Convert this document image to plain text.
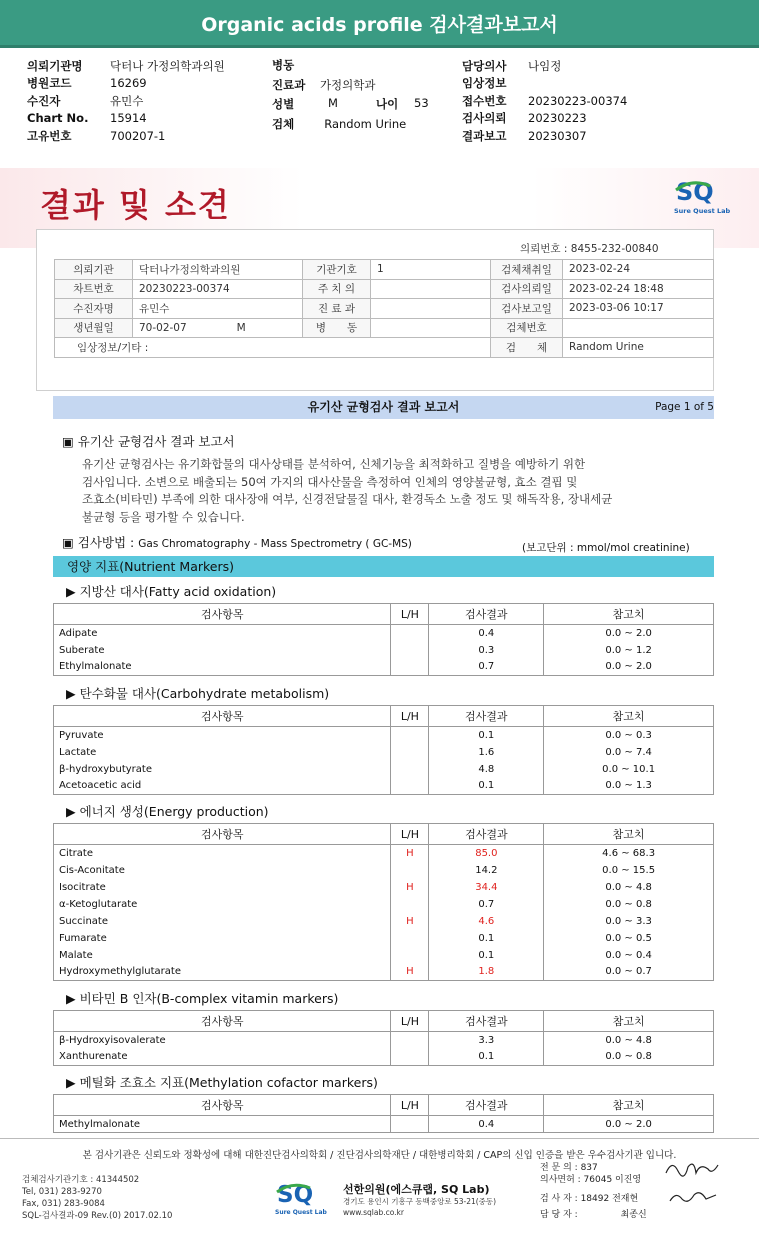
Organic acids profile 검사결과보고서
의뢰기관명	닥터나 가정의학과의원
병원코드	16269
수진자	유민수
Chart No.	15914
고유번호	700207-1
병동
진료과 가정의학과
성별	M	나이 53
검체	Random Urine
담당의사	나임정
임상정보	
접수번호	20230223-00374
검사의뢰	20230223
결과보고	20230307
결과 및 소견	SQ
Sure Quest Lab
의뢰번호 : 8455-232-00840
의뢰기관	닥터나가정의학과의원	기관기호	1	검체채취일	2023-02-24
차트번호	20230223-00374	주 치 의		검사의뢰일	2023-02-24 18:48
수진자명	유민수	진 료 과		검사보고일	2023-03-06 10:17
생년월일	70-02-07 M	병　　동		검체번호	
임상정보/기타 :				검　　체	Random Urine
유기산 균형검사 결과 보고서	Page 1 of 5
▣ 유기산 균형검사 결과 보고서
유기산 균형검사는 유기화합물의 대사상태를 분석하여, 신체기능을 최적화하고 질병을 예방하기 위한
검사입니다. 소변으로 배출되는 50여 가지의 대사산물을 측정하여 인체의 영양불균형, 효소 결핍 및
조효소(비타민) 부족에 의한 대사장애 여부, 신경전달물질 대사, 환경독소 노출 정도 및 해독작용, 장내세균
불균형 등을 평가할 수 있습니다.
▣ 검사방법 : Gas Chromatography - Mass Spectrometry ( GC-MS)	(보고단위 : mmol/mol creatinine)
영양 지표(Nutrient Markers)
▶ 지방산 대사(Fatty acid oxidation)
검사항목	L/H	검사결과	참고치
Adipate		0.4	0.0 ~ 2.0
Suberate		0.3	0.0 ~ 1.2
Ethylmalonate		0.7	0.0 ~ 2.0
▶ 탄수화물 대사(Carbohydrate metabolism)
검사항목	L/H	검사결과	참고치
Pyruvate		0.1	0.0 ~ 0.3
Lactate		1.6	0.0 ~ 7.4
β-hydroxybutyrate		4.8	0.0 ~ 10.1
Acetoacetic acid		0.1	0.0 ~ 1.3
▶ 에너지 생성(Energy production)
검사항목	L/H	검사결과	참고치
Citrate	H	85.0	4.6 ~ 68.3
Cis-Aconitate		14.2	0.0 ~ 15.5
Isocitrate	H	34.4	0.0 ~ 4.8
α-Ketoglutarate		0.7	0.0 ~ 0.8
Succinate	H	4.6	0.0 ~ 3.3
Fumarate		0.1	0.0 ~ 0.5
Malate		0.1	0.0 ~ 0.4
Hydroxymethylglutarate	H	1.8	0.0 ~ 0.7
▶ 비타민 B 인자(B-complex vitamin markers)
검사항목	L/H	검사결과	참고치
β-Hydroxyisovalerate		3.3	0.0 ~ 4.8
Xanthurenate		0.1	0.0 ~ 0.8
▶ 메틸화 조효소 지표(Methylation cofactor markers)
검사항목	L/H	검사결과	참고치
Methylmalonate		0.4	0.0 ~ 2.0
본 검사기관은 신뢰도와 정확성에 대해 대한진단검사의학회 / 진단검사의학재단 / 대한병리학회 / CAP의 신입 인증을 받은 우수검사기관 입니다.
검체검사기관기호 : 41344502
Tel, 031) 283-9270
Fax, 031) 283-9084
SQL-검사결과-09 Rev.(0) 2017.02.10
SQ
Sure Quest Lab
선한의원(에스큐랩, SQ Lab)
경기도 용인시 기흥구 동백중앙로 53-21(중동)
www.sqlab.co.kr
전 문 의 : 837
의사면허 : 76045 이진영
검 사 자 : 18492 전재현
담 당 자 :	최종신
